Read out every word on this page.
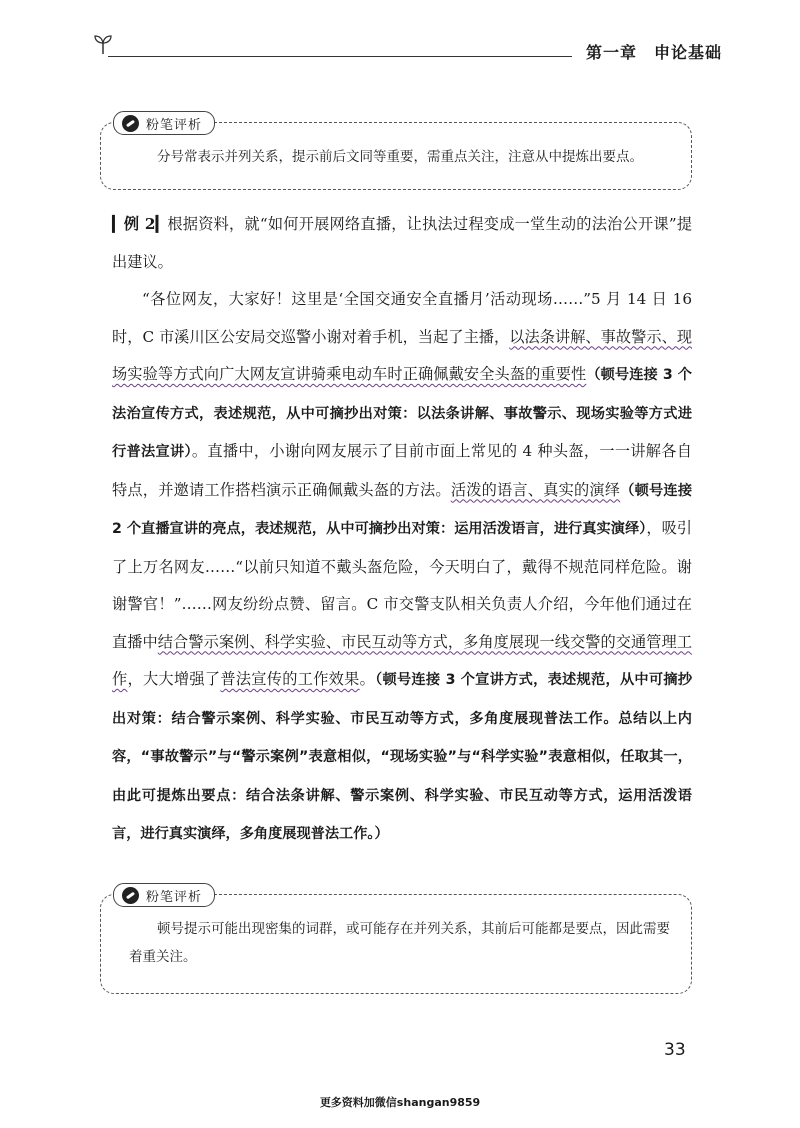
第一章　申论基础
粉笔评析
分号常表示并列关系，提示前后文同等重要，需重点关注，注意从中提炼出要点。

▎ 例 2▎根据资料，就“如何开展网络直播，让执法过程变成一堂生动的法治公开课”提出建议。

“各位网友，大家好！这里是‘全国交通安全直播月’活动现场……”5 月 14 日 16 时，C 市溪川区公安局交巡警小谢对着手机，当起了主播，以法条讲解、事故警示、现场实验等方式向广大网友宣讲骑乘电动车时正确佩戴安全头盔的重要性（顿号连接 3 个法治宣传方式，表述规范，从中可摘抄出对策：以法条讲解、事故警示、现场实验等方式进行普法宣讲）。直播中，小谢向网友展示了目前市面上常见的 4 种头盔，一一讲解各自特点，并邀请工作搭档演示正确佩戴头盔的方法。活泼的语言、真实的演绎（顿号连接 2 个直播宣讲的亮点，表述规范，从中可摘抄出对策：运用活泼语言，进行真实演绎），吸引了上万名网友……“以前只知道不戴头盔危险，今天明白了，戴得不规范同样危险。谢谢警官！”……网友纷纷点赞、留言。C 市交警支队相关负责人介绍，今年他们通过在直播中结合警示案例、科学实验、市民互动等方式，多角度展现一线交警的交通管理工作，大大增强了普法宣传的工作效果。（顿号连接 3 个宣讲方式，表述规范，从中可摘抄出对策：结合警示案例、科学实验、市民互动等方式，多角度展现普法工作。总结以上内容，“事故警示”与“警示案例”表意相似，“现场实验”与“科学实验”表意相似，任取其一，由此可提炼出要点：结合法条讲解、警示案例、科学实验、市民互动等方式，运用活泼语言，进行真实演绎，多角度展现普法工作。）

粉笔评析
顿号提示可能出现密集的词群，或可能存在并列关系，其前后可能都是要点，因此需要着重关注。
33
更多资料加微信shangan9859
